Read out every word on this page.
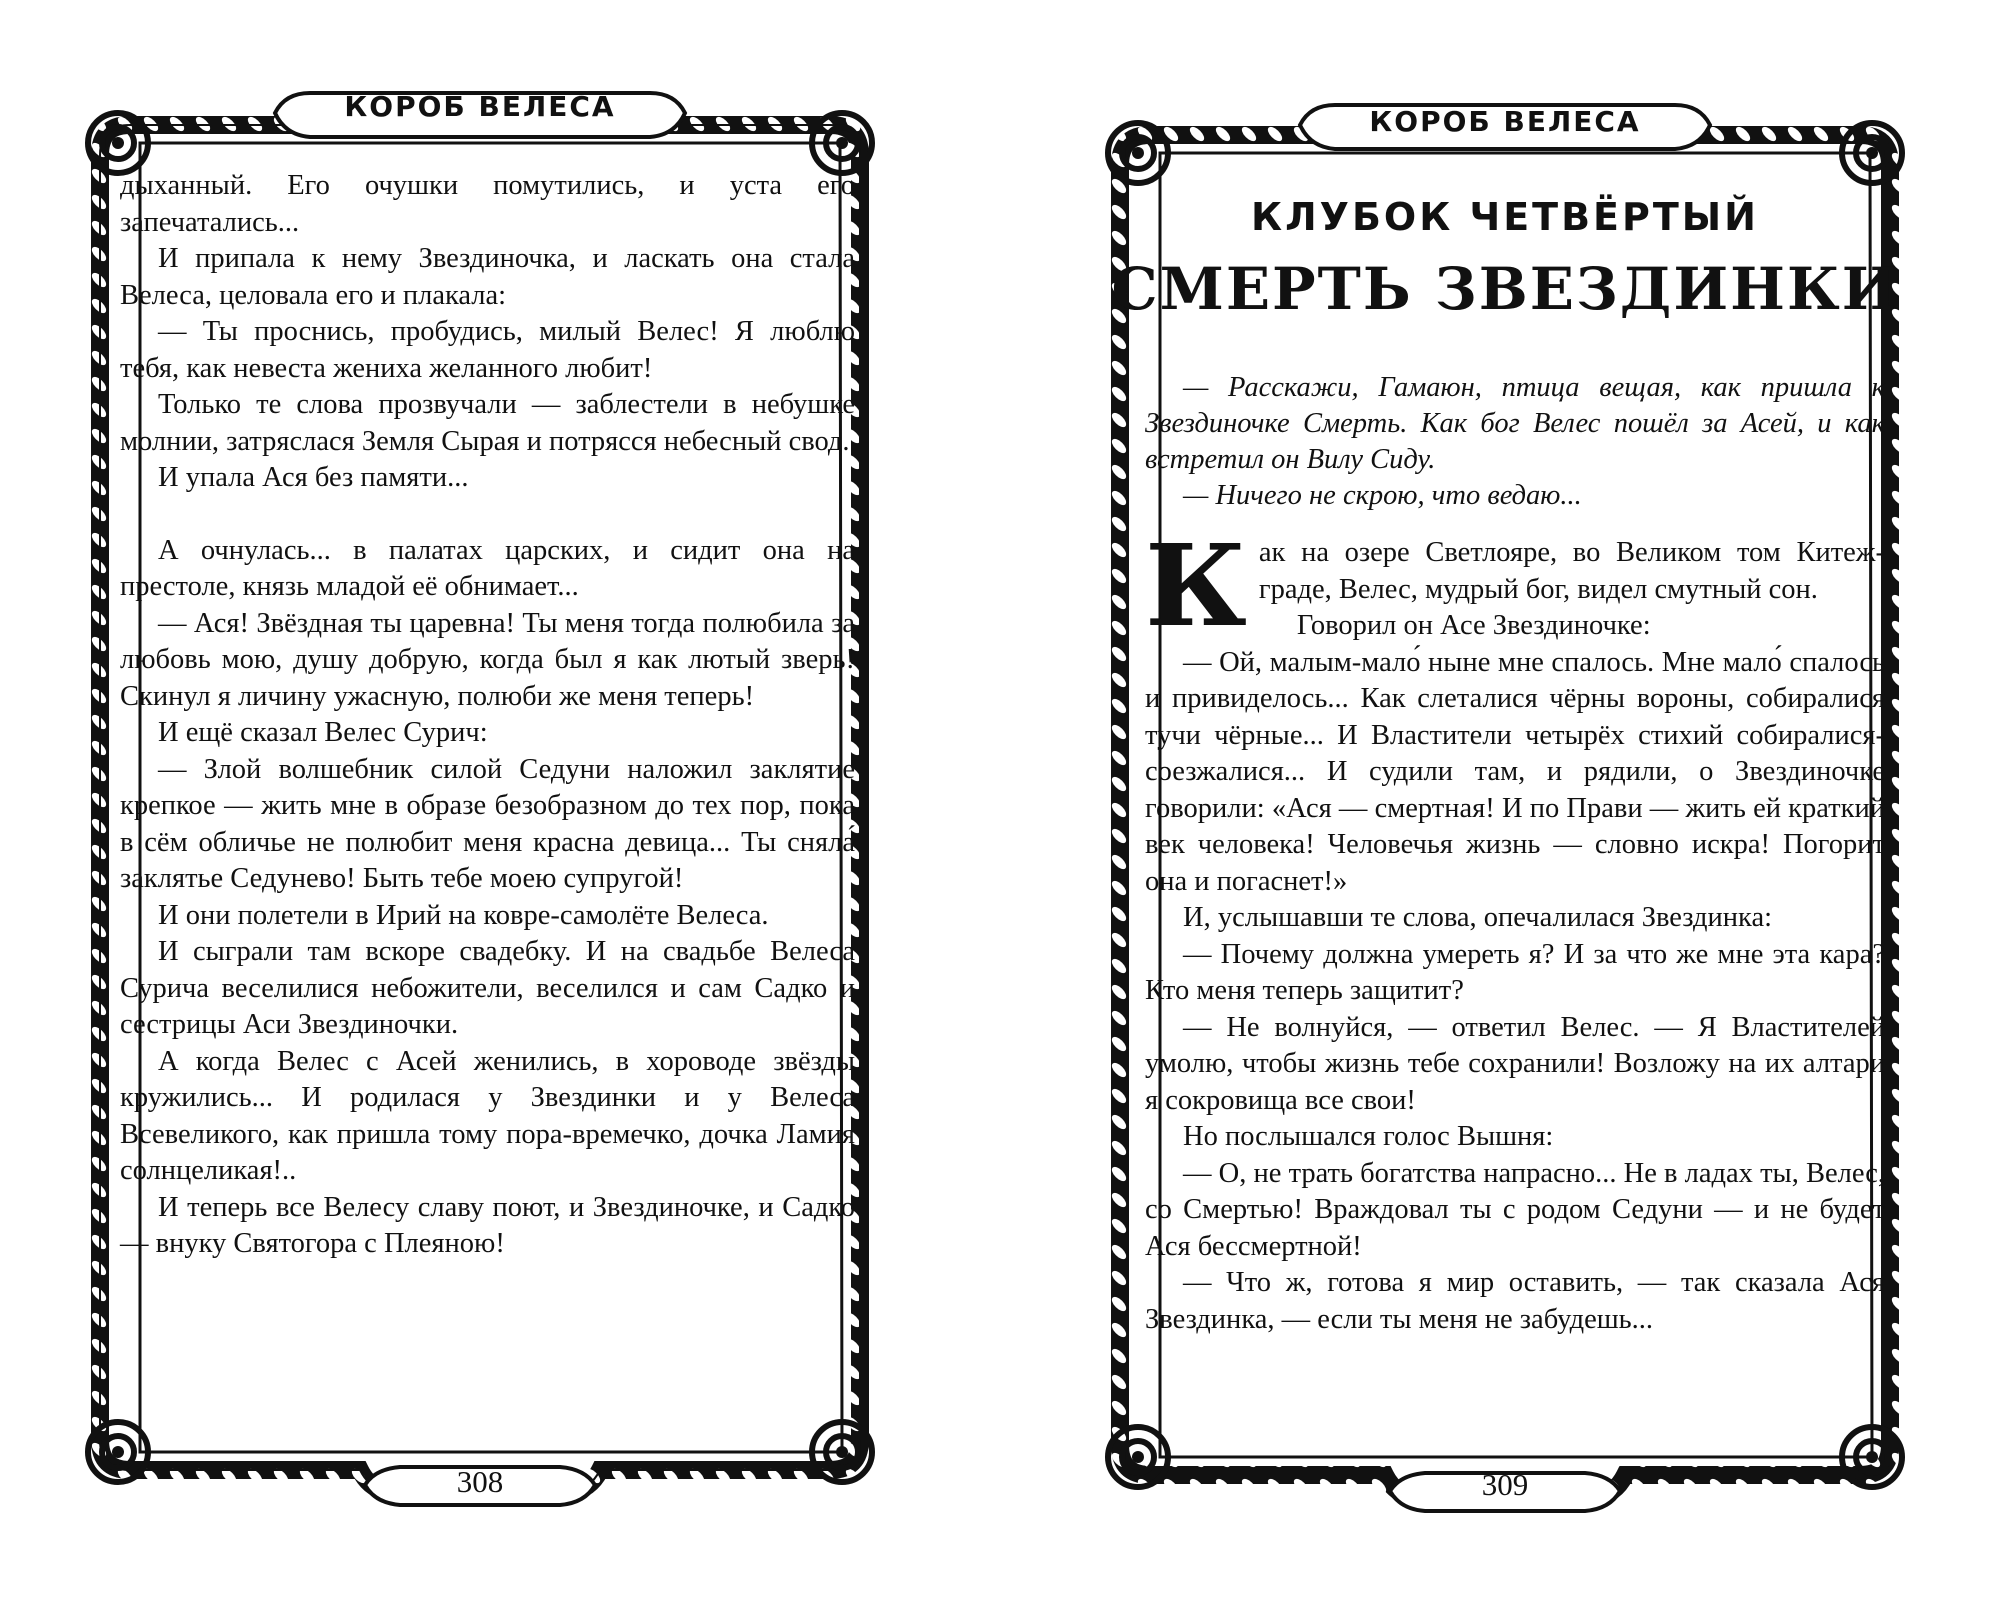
КОРОБ ВЕЛЕСА

дыханный. Его очушки помутились, и уста его запечатались...

И припала к нему Звездиночка, и ласкать она стала Велеса, целовала его и плакала:

— Ты проснись, пробудись, милый Велес! Я люблю тебя, как невеста жениха желанного любит!

Только те слова прозвучали — заблестели в небушке молнии, затряслася Земля Сырая и потрясся небесный свод.

И упала Ася без памяти...

А очнулась... в палатах царских, и сидит она на престоле, князь младой её обнимает...

— Ася! Звёздная ты царевна! Ты меня тогда полюбила за любовь мою, душу добрую, когда был я как лютый зверь! Скинул я личину ужасную, полюби же меня теперь!

И ещё сказал Велес Сурич:

— Злой волшебник силой Седуни наложил заклятие крепкое — жить мне в образе безобразном до тех пор, пока в сём обличье не полюбит меня красна девица... Ты сняла́ заклятье Седунево! Быть тебе моею супругой!

И они полетели в Ирий на ковре-самолёте Велеса.

И сыграли там вскоре свадебку. И на свадьбе Велеса Сурича веселилися небожители, веселился и сам Садко и сестрицы Аси Звездиночки.

А когда Велес с Асей женились, в хороводе звёзды кружились... И родилася у Звездинки и у Велеса Всевеликого, как пришла тому пора-времечко, дочка Ламия солнцеликая!..

И теперь все Велесу славу поют, и Звездиночке, и Садко — внуку Святогора с Плеяною!

308
КОРОБ ВЕЛЕСА
КЛУБОК ЧЕТВЁРТЫЙ
СМЕРТЬ ЗВЕЗДИНКИ

— Расскажи, Гамаюн, птица вещая, как пришла к Звездиночке Смерть. Как бог Велес пошёл за Асей, и как встретил он Вилу Сиду.

— Ничего не скрою, что ведаю...

К ак на озере Светлояре, во Великом том Китеж-граде, Велес, мудрый бог, видел смутный сон.

Говорил он Асе Звездиночке:

— Ой, малым-мало́ ныне мне спалось. Мне мало́ спалось и привиделось... Как слеталися чёрны вороны, собиралися тучи чёрные... И Властители четырёх стихий собиралися-соезжалися... И судили там, и рядили, о Звездиночке говорили: «Ася — смертная! И по Прави — жить ей краткий век человека! Человечья жизнь — словно искра! Погорит она и погаснет!»

И, услышавши те слова, опечалилася Звездинка:

— Почему должна умереть я? И за что же мне эта кара? Кто меня теперь защитит?

— Не волнуйся, — ответил Велес. — Я Властителей умолю, чтобы жизнь тебе сохранили! Возложу на их алтари я сокровища все свои!

Но послышался голос Вышня:

— О, не трать богатства напрасно... Не в ладах ты, Велес, со Смертью! Враждовал ты с родом Седуни — и не будет Ася бессмертной!

— Что ж, готова я мир оставить, — так сказала Ася Звездинка, — если ты меня не забудешь...

309
